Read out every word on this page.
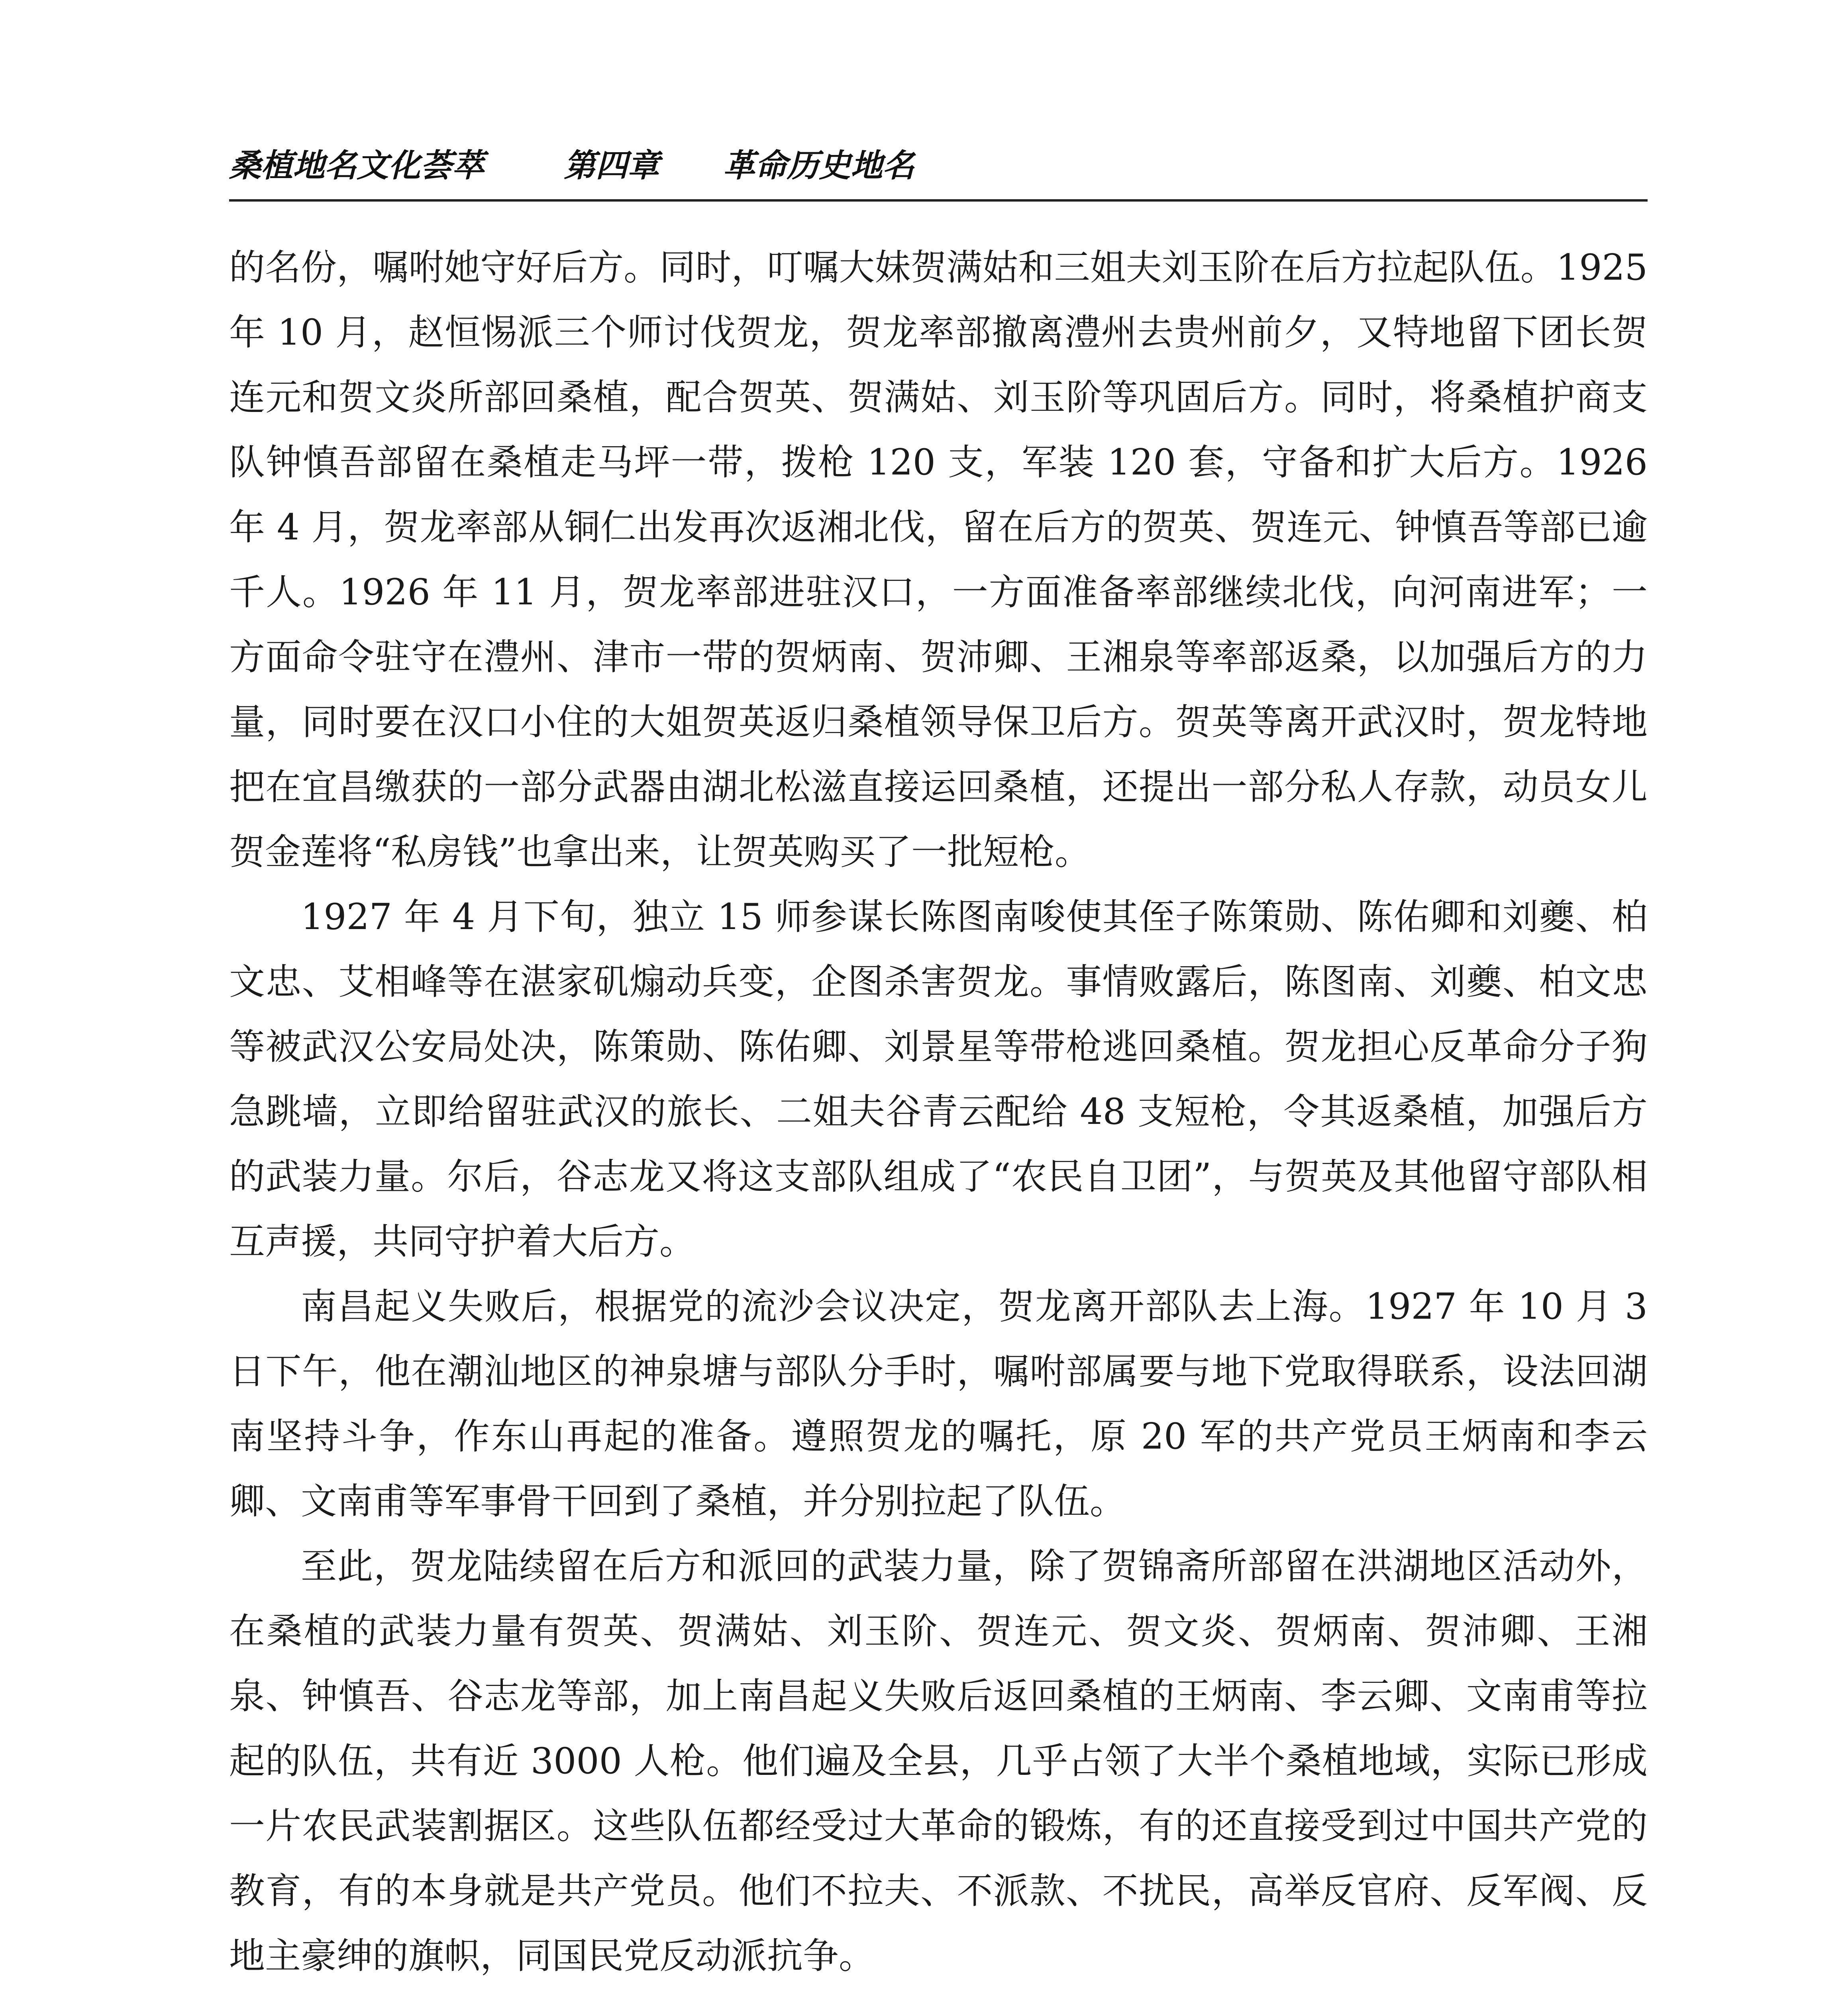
桑植地名文化荟萃	第四章 革命历史地名

的名份，嘱咐她守好后方。同时，叮嘱大妹贺满姑和三姐夫刘玉阶在后方拉起队伍。1925 年 10 月，赵恒惕派三个师讨伐贺龙，贺龙率部撤离澧州去贵州前夕，又特地留下团长贺连元和贺文炎所部回桑植，配合贺英、贺满姑、刘玉阶等巩固后方。同时，将桑植护商支队钟慎吾部留在桑植走马坪一带，拨枪 120 支，军装 120 套，守备和扩大后方。1926 年 4 月，贺龙率部从铜仁出发再次返湘北伐，留在后方的贺英、贺连元、钟慎吾等部已逾千人。1926 年 11 月，贺龙率部进驻汉口，一方面准备率部继续北伐，向河南进军；一方面命令驻守在澧州、津市一带的贺炳南、贺沛卿、王湘泉等率部返桑，以加强后方的力量，同时要在汉口小住的大姐贺英返归桑植领导保卫后方。贺英等离开武汉时，贺龙特地把在宜昌缴获的一部分武器由湖北松滋直接运回桑植，还提出一部分私人存款，动员女儿贺金莲将“私房钱”也拿出来，让贺英购买了一批短枪。

1927 年 4 月下旬，独立 15 师参谋长陈图南唆使其侄子陈策勋、陈佑卿和刘夔、柏文忠、艾相峰等在湛家矶煽动兵变，企图杀害贺龙。事情败露后，陈图南、刘夔、柏文忠等被武汉公安局处决，陈策勋、陈佑卿、刘景星等带枪逃回桑植。贺龙担心反革命分子狗急跳墙，立即给留驻武汉的旅长、二姐夫谷青云配给 48 支短枪，令其返桑植，加强后方的武装力量。尔后，谷志龙又将这支部队组成了“农民自卫团”，与贺英及其他留守部队相互声援，共同守护着大后方。

南昌起义失败后，根据党的流沙会议决定，贺龙离开部队去上海。1927 年 10 月 3 日下午，他在潮汕地区的神泉塘与部队分手时，嘱咐部属要与地下党取得联系，设法回湖南坚持斗争，作东山再起的准备。遵照贺龙的嘱托，原 20 军的共产党员王炳南和李云卿、文南甫等军事骨干回到了桑植，并分别拉起了队伍。

至此，贺龙陆续留在后方和派回的武装力量，除了贺锦斋所部留在洪湖地区活动外，在桑植的武装力量有贺英、贺满姑、刘玉阶、贺连元、贺文炎、贺炳南、贺沛卿、王湘泉、钟慎吾、谷志龙等部，加上南昌起义失败后返回桑植的王炳南、李云卿、文南甫等拉起的队伍，共有近 3000 人枪。他们遍及全县，几乎占领了大半个桑植地域，实际已形成一片农民武装割据区。这些队伍都经受过大革命的锻炼，有的还直接受到过中国共产党的教育，有的本身就是共产党员。他们不拉夫、不派款、不扰民，高举反官府、反军阀、反地主豪绅的旗帜，同国民党反动派抗争。
